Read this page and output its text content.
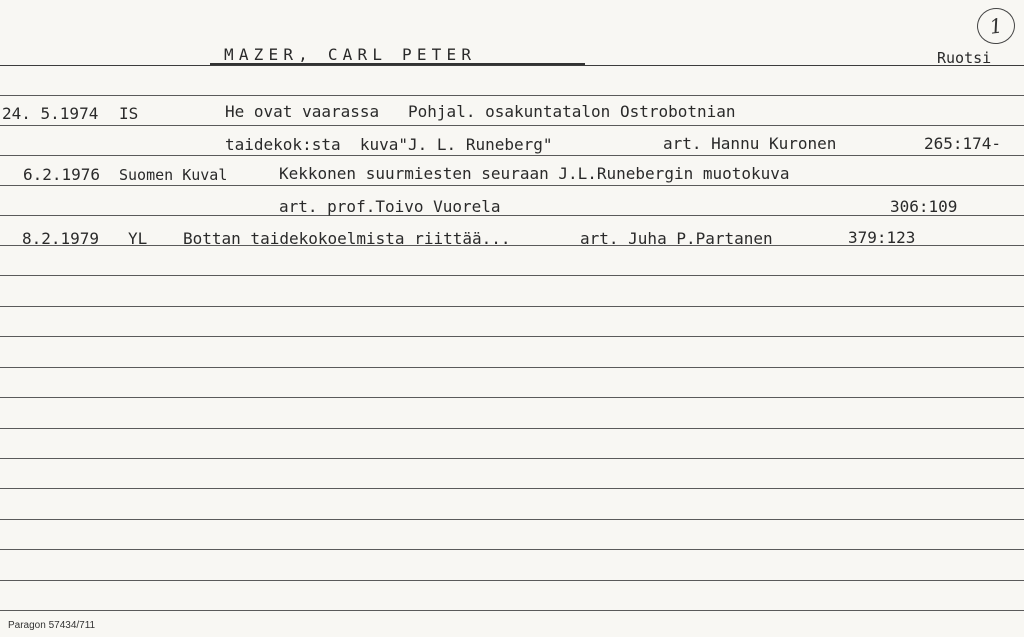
MAZER, CARL PETER	Ruotsi
1
24. 5.1974 IS	He ovat vaarassa   Pohjal. osakuntatalon Ostrobotnian
taidekok:sta  kuva"J. L. Runeberg"	art. Hannu Kuronen	265:174-
6.2.1976 Suomen Kuval	Kekkonen suurmiesten seuraan J.L.Runebergin muotokuva
art. prof.Toivo Vuorela	306:109
8.2.1979 YL Bottan taidekokoelmista riittää...	art. Juha P.Partanen	379:123
Paragon 57434/711
